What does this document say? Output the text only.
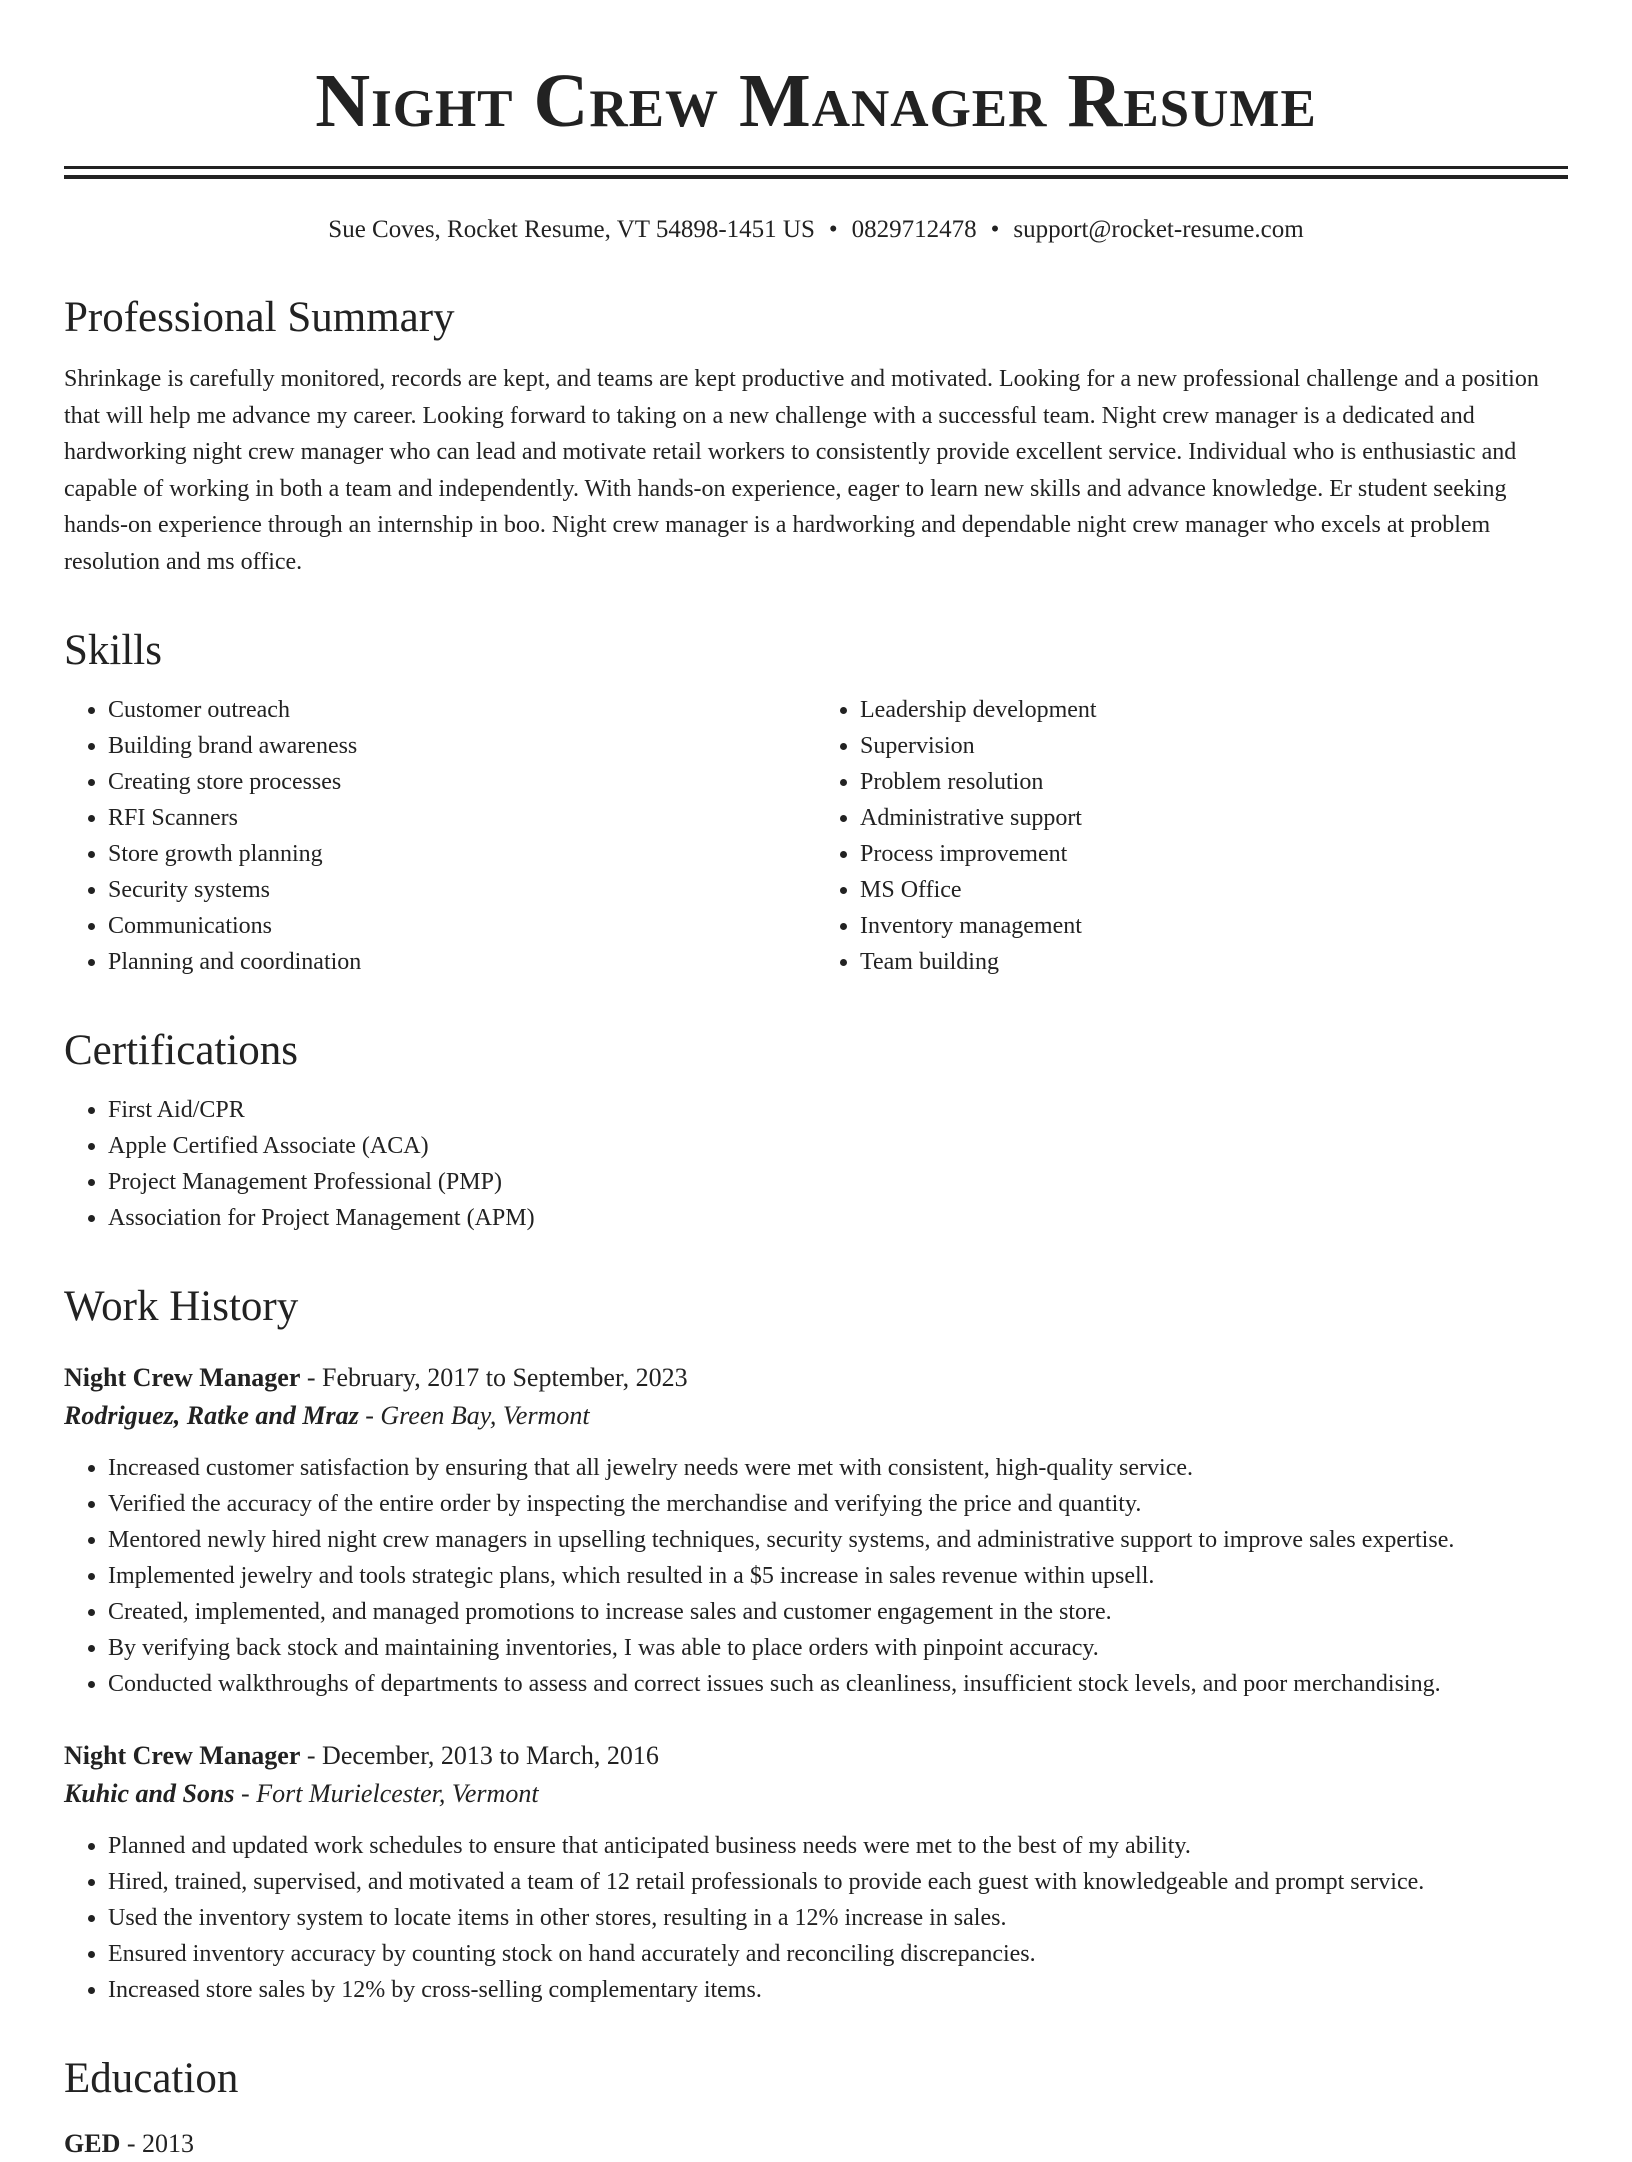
Night Crew Manager Resume
Sue Coves, Rocket Resume, VT 54898-1451 US • 0829712478 • support@rocket-resume.com
Professional Summary

Shrinkage is carefully monitored, records are kept, and teams are kept productive and motivated. Looking for a new professional challenge and a position that will help me advance my career. Looking forward to taking on a new challenge with a successful team. Night crew manager is a dedicated and hardworking night crew manager who can lead and motivate retail workers to consistently provide excellent service. Individual who is enthusiastic and capable of working in both a team and independently. With hands-on experience, eager to learn new skills and advance knowledge. Er student seeking hands-on experience through an internship in boo. Night crew manager is a hardworking and dependable night crew manager who excels at problem resolution and ms office.

Skills
• Customer outreach
• Building brand awareness
• Creating store processes
• RFI Scanners
• Store growth planning
• Security systems
• Communications
• Planning and coordination
• Leadership development
• Supervision
• Problem resolution
• Administrative support
• Process improvement
• MS Office
• Inventory management
• Team building
Certifications
• First Aid/CPR
• Apple Certified Associate (ACA)
• Project Management Professional (PMP)
• Association for Project Management (APM)
Work History
Night Crew Manager - February, 2017 to September, 2023
Rodriguez, Ratke and Mraz - Green Bay, Vermont
• Increased customer satisfaction by ensuring that all jewelry needs were met with consistent, high-quality service.
• Verified the accuracy of the entire order by inspecting the merchandise and verifying the price and quantity.
• Mentored newly hired night crew managers in upselling techniques, security systems, and administrative support to improve sales expertise.
• Implemented jewelry and tools strategic plans, which resulted in a $5 increase in sales revenue within upsell.
• Created, implemented, and managed promotions to increase sales and customer engagement in the store.
• By verifying back stock and maintaining inventories, I was able to place orders with pinpoint accuracy.
• Conducted walkthroughs of departments to assess and correct issues such as cleanliness, insufficient stock levels, and poor merchandising.
Night Crew Manager - December, 2013 to March, 2016
Kuhic and Sons - Fort Murielcester, Vermont
• Planned and updated work schedules to ensure that anticipated business needs were met to the best of my ability.
• Hired, trained, supervised, and motivated a team of 12 retail professionals to provide each guest with knowledgeable and prompt service.
• Used the inventory system to locate items in other stores, resulting in a 12% increase in sales.
• Ensured inventory accuracy by counting stock on hand accurately and reconciling discrepancies.
• Increased store sales by 12% by cross-selling complementary items.
Education
GED - 2013
